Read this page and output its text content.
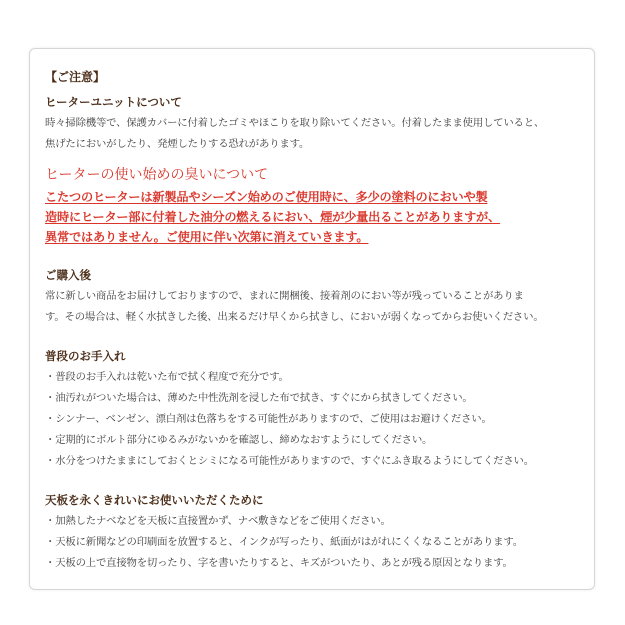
【ご注意】
ヒーターユニットについて

時々掃除機等で、保護カバーに付着したゴミやほこりを取り除いてください。付着したまま使用していると、
焦げたにおいがしたり、発煙したりする恐れがあります。

ヒーターの使い始めの臭いについて

こたつのヒーターは新製品やシーズン始めのご使用時に、多少の塗料のにおいや製
造時にヒーター部に付着した油分の燃えるにおい、煙が少量出ることがありますが、
異常ではありません。ご使用に伴い次第に消えていきます。

ご購入後

常に新しい商品をお届けしておりますので、まれに開梱後、接着剤のにおい等が残っていることがありま
す。その場合は、軽く水拭きした後、出来るだけ早くから拭きし、においが弱くなってからお使いください。

普段のお手入れ
・普段のお手入れは乾いた布で拭く程度で充分です。
・油汚れがついた場合は、薄めた中性洗剤を浸した布で拭き、すぐにから拭きしてください。
・シンナー、ベンゼン、漂白剤は色落ちをする可能性がありますので、ご使用はお避けください。
・定期的にボルト部分にゆるみがないかを確認し、締めなおすようにしてください。
・水分をつけたままにしておくとシミになる可能性がありますので、すぐにふき取るようにしてください。
天板を永くきれいにお使いいただくために
・加熱したナベなどを天板に直接置かず、ナベ敷きなどをご使用ください。
・天板に新聞などの印刷面を放置すると、インクが写ったり、紙面がはがれにくくなることがあります。
・天板の上で直接物を切ったり、字を書いたりすると、キズがついたり、あとが残る原因となります。
